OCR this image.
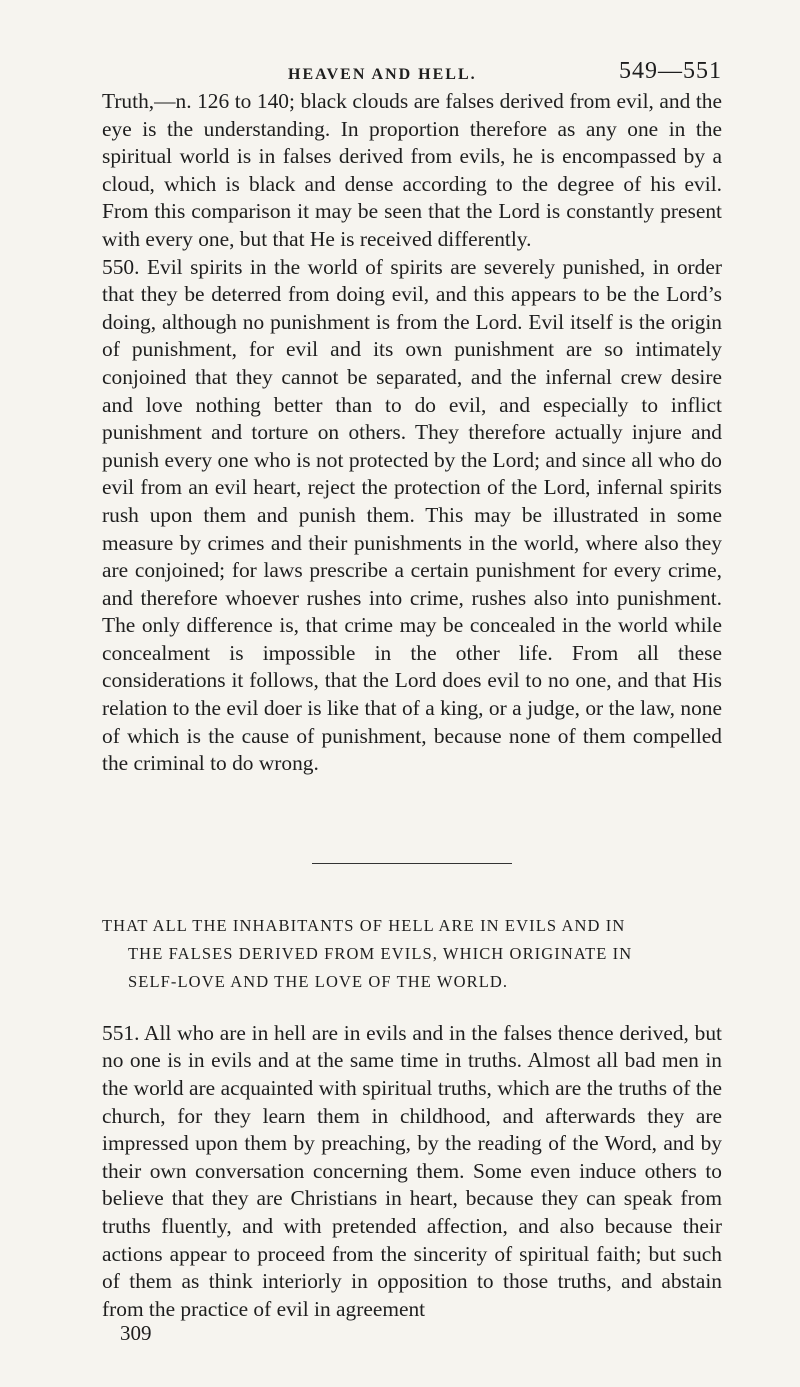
HEAVEN AND HELL.	549—551

Truth,—n. 126 to 140; black clouds are falses derived from evil, and the eye is the understanding. In proportion therefore as any one in the spiritual world is in falses derived from evils, he is encompassed by a cloud, which is black and dense according to the degree of his evil. From this comparison it may be seen that the Lord is constantly present with every one, but that He is received differently.

550. Evil spirits in the world of spirits are severely punished, in order that they be deterred from doing evil, and this appears to be the Lord’s doing, although no punishment is from the Lord. Evil itself is the origin of punishment, for evil and its own punishment are so intimately conjoined that they cannot be separated, and the infernal crew desire and love nothing better than to do evil, and especially to inflict punishment and torture on others. They therefore actually injure and punish every one who is not protected by the Lord; and since all who do evil from an evil heart, reject the protection of the Lord, infernal spirits rush upon them and punish them. This may be illustrated in some measure by crimes and their punishments in the world, where also they are conjoined; for laws prescribe a certain punishment for every crime, and therefore whoever rushes into crime, rushes also into punishment. The only difference is, that crime may be concealed in the world while concealment is impossible in the other life. From all these considerations it follows, that the Lord does evil to no one, and that His relation to the evil doer is like that of a king, or a judge, or the law, none of which is the cause of punishment, because none of them compelled the criminal to do wrong.

THAT ALL THE INHABITANTS OF HELL ARE IN EVILS AND IN
THE FALSES DERIVED FROM EVILS, WHICH ORIGINATE IN
SELF-LOVE AND THE LOVE OF THE WORLD.

551. All who are in hell are in evils and in the falses thence derived, but no one is in evils and at the same time in truths. Almost all bad men in the world are acquainted with spiritual truths, which are the truths of the church, for they learn them in childhood, and afterwards they are impressed upon them by preaching, by the reading of the Word, and by their own conversation concerning them. Some even induce others to believe that they are Christians in heart, because they can speak from truths fluently, and with pretended affection, and also because their actions appear to proceed from the sincerity of spiritual faith; but such of them as think interiorly in opposition to those truths, and abstain from the practice of evil in agreement

309
